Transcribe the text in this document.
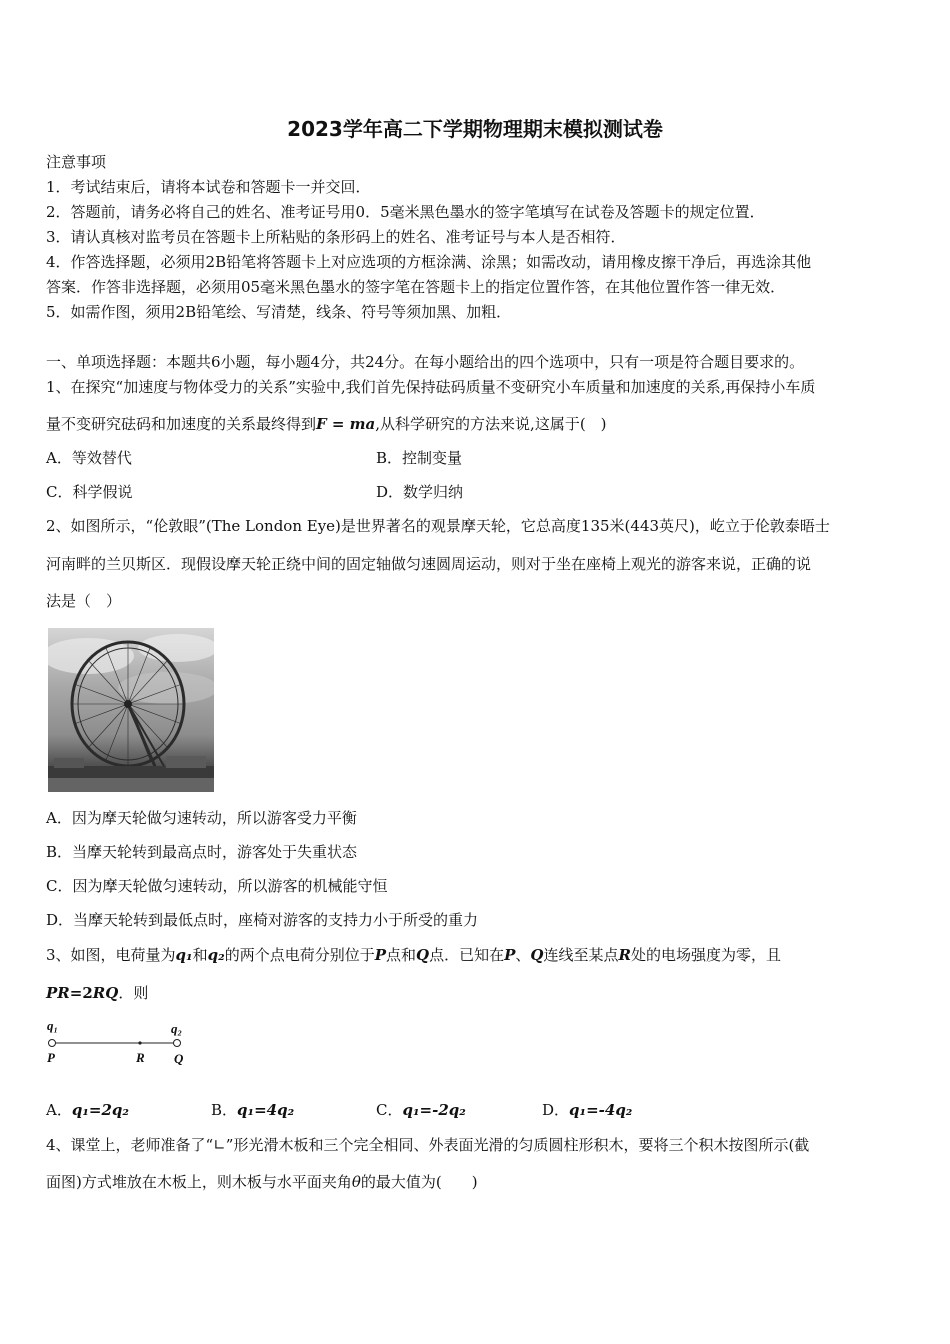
2023学年高二下学期物理期末模拟测试卷
注意事项
1．考试结束后，请将本试卷和答题卡一并交回．
2．答题前，请务必将自己的姓名、准考证号用0．5毫米黑色墨水的签字笔填写在试卷及答题卡的规定位置．
3．请认真核对监考员在答题卡上所粘贴的条形码上的姓名、准考证号与本人是否相符．
4．作答选择题，必须用2B铅笔将答题卡上对应选项的方框涂满、涂黑；如需改动，请用橡皮擦干净后，再选涂其他
答案．作答非选择题，必须用05毫米黑色墨水的签字笔在答题卡上的指定位置作答，在其他位置作答一律无效．
5．如需作图，须用2B铅笔绘、写清楚，线条、符号等须加黑、加粗．
一、单项选择题：本题共6小题，每小题4分，共24分。在每小题给出的四个选项中，只有一项是符合题目要求的。
1、在探究“加速度与物体受力的关系”实验中,我们首先保持砝码质量不变研究小车质量和加速度的关系,再保持小车质
量不变研究砝码和加速度的关系最终得到F = ma,从科学研究的方法来说,这属于(　)
A．等效替代	B．控制变量
C．科学假说	D．数学归纳
2、如图所示，“伦敦眼”(The London Eye)是世界著名的观景摩天轮，它总高度135米(443英尺)，屹立于伦敦泰晤士
河南畔的兰贝斯区．现假设摩天轮正绕中间的固定轴做匀速圆周运动，则对于坐在座椅上观光的游客来说，正确的说
法是（　）
A．因为摩天轮做匀速转动，所以游客受力平衡
B．当摩天轮转到最高点时，游客处于失重状态
C．因为摩天轮做匀速转动，所以游客的机械能守恒
D．当摩天轮转到最低点时，座椅对游客的支持力小于所受的重力
3、如图，电荷量为q₁和q₂的两个点电荷分别位于P点和Q点．已知在P、Q连线至某点R处的电场强度为零，且
PR=2RQ．则
q₁	q₂
P	R Q
A．q₁=2q₂	B．q₁=4q₂	C．q₁=-2q₂	D．q₁=-4q₂
4、课堂上，老师准备了“∟”形光滑木板和三个完全相同、外表面光滑的匀质圆柱形积木，要将三个积木按图所示(截
面图)方式堆放在木板上，则木板与水平面夹角θ的最大值为(　　)
